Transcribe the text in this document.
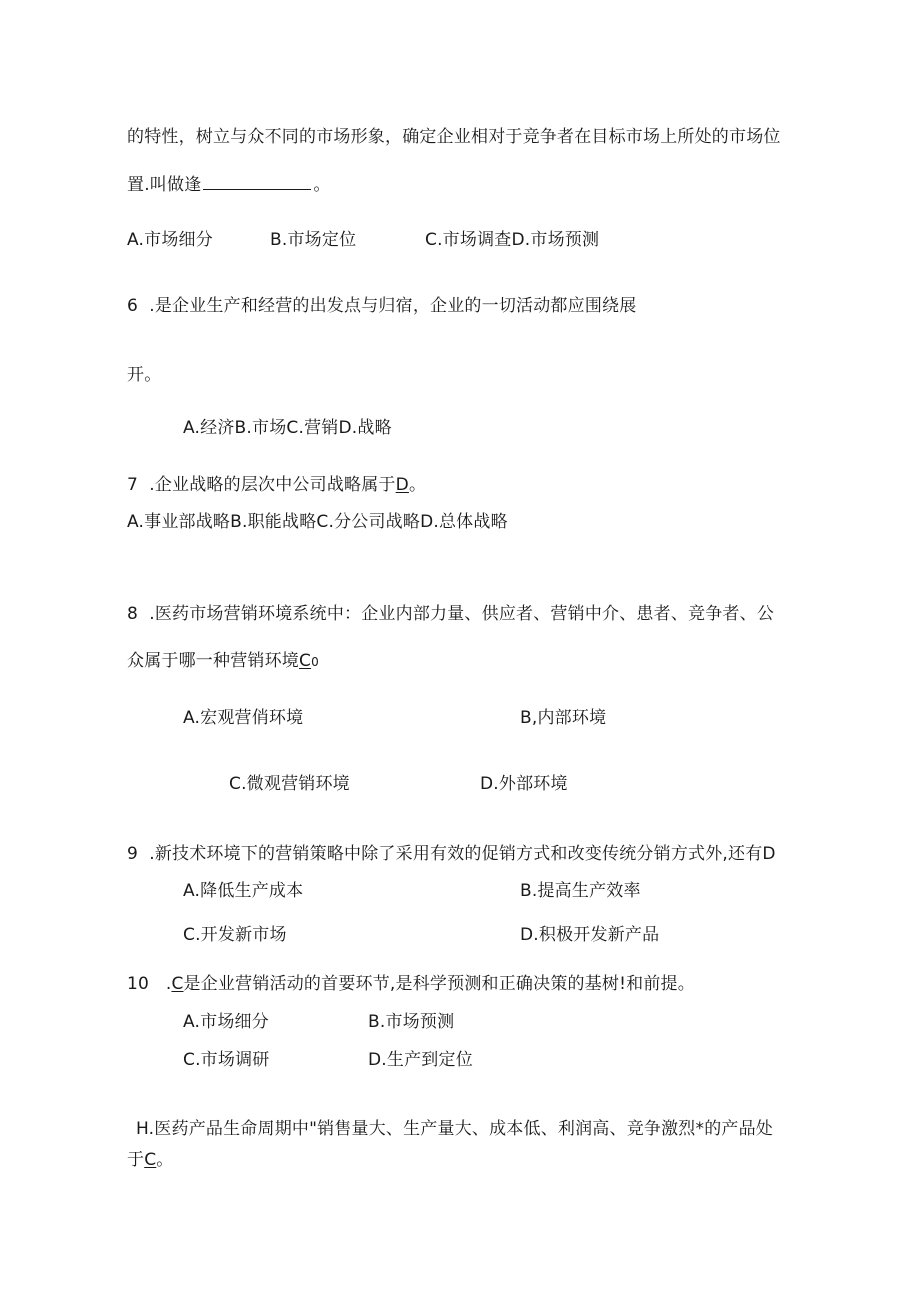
的特性，树立与众不同的市场形象，确定企业相对于竞争者在目标市场上所处的市场位
置.叫做逢	。
A.市场细分	B.市场定位	C.市场调查D.市场预测
6  .是企业生产和经营的出发点与归宿，企业的一切活动都应围绕展
开。
A.经济B.市场C.营销D.战略
7  .企业战略的层次中公司战略属于D。
A.事业部战略B.职能战略C.分公司战略D.总体战略
8  .医药市场营销环境系统中：企业内部力量、供应者、营销中介、患者、竞争者、公
众属于哪一种营销环境C0
A.宏观营俏环境	B,内部环境
C.微观营销环境	D.外部环境
9  .新技术环境下的营销策略中除了采用有效的促销方式和改变传统分销方式外,还有D
A.降低生产成本	B.提高生产效率
C.开发新市场	D.积极开发新产品
10   .C是企业营销活动的首要环节,是科学预测和正确决策的基树!和前提。
A.市场细分	B.市场预测
C.市场调研	D.生产到定位
H.医药产品生命周期中"销售量大、生产量大、成本低、利润高、竞争激烈*的产品处
于C。
